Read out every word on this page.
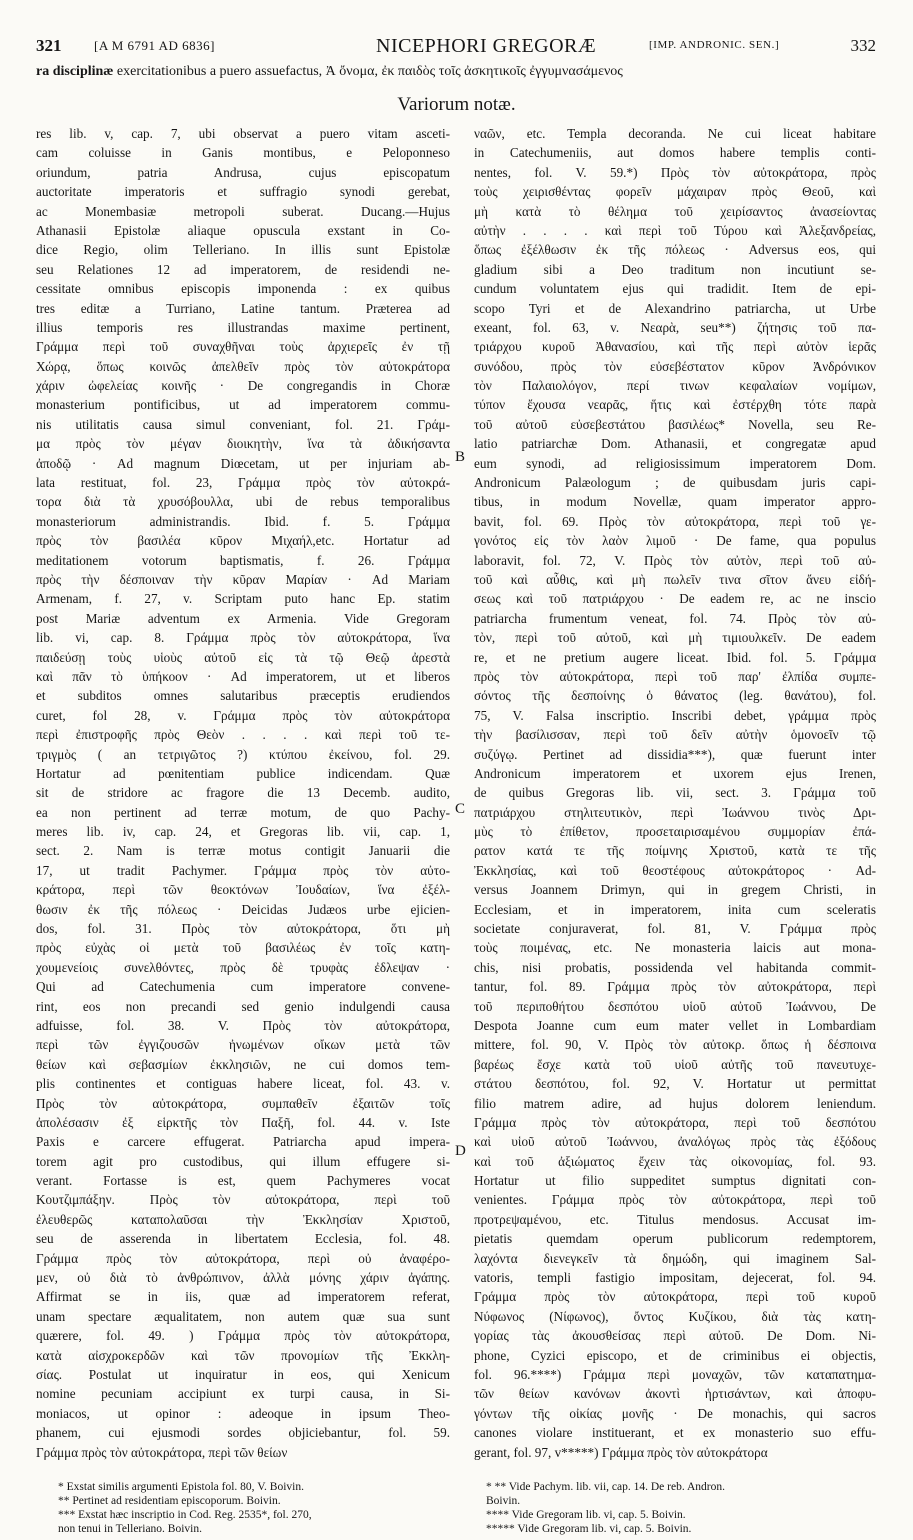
321	[A M 6791 AD 6836]	NICEPHORI GREGORÆ	[IMP. ANDRONIC. SEN.]	332
ra disciplinæ exercitationibus a puero assuefactus, Ἀ ὄνομα, ἐκ παιδὸς τοῖς ἀσκητικοῖς ἐγγυμνασάμενος
Variorum notæ.
res lib. v, cap. 7, ubi observat a puero vitam asceti-
cam coluisse in Ganis montibus, e Peloponneso
oriundum, patria Andrusa, cujus episcopatum
auctoritate imperatoris et suffragio synodi gerebat,
ac Monembasiæ metropoli suberat. Ducang.—Hujus
Athanasii Epistolæ aliaque opuscula exstant in Co-
dice Regio, olim Telleriano. In illis sunt Epistolæ
seu Relationes 12 ad imperatorem, de residendi ne-
cessitate omnibus episcopis imponenda : ex quibus
tres editæ a Turriano, Latine tantum. Præterea ad
illius temporis res illustrandas maxime pertinent,
Γράμμα περὶ τοῦ συναχθῆναι τοὺς ἀρχιερεῖς ἐν τῇ
Χώρᾳ, ὅπως κοινῶς ἀπελθεῖν πρὸς τὸν αὐτοκράτορα
χάριν ὠφελείας κοινῆς · De congregandis in Choræ
monasterium pontificibus, ut ad imperatorem commu-
nis utilitatis causa simul conveniant, fol. 21. Γράμ-
μα πρὸς τὸν μέγαν διοικητὴν, ἵνα τὰ ἀδικήσαντα
ἀποδῷ · Ad magnum Diœcetam, ut per injuriam ab-
lata restituat, fol. 23, Γράμμα πρὸς τὸν αὐτοκρά-
τορα διὰ τὰ χρυσόβουλλα, ubi de rebus temporalibus
monasteriorum administrandis. Ibid. f. 5. Γράμμα
πρὸς τὸν βασιλέα κῦρον Μιχαήλ,etc. Hortatur ad
meditationem votorum baptismatis, f. 26. Γράμμα
πρὸς τὴν δέσποιναν τὴν κῦραν Μαρίαν · Ad Mariam
Armenam, f. 27, v. Scriptam puto hanc Ep. statim
post Mariæ adventum ex Armenia. Vide Gregoram
lib. vi, cap. 8. Γράμμα πρὸς τὸν αὐτοκράτορα, ἵνα
παιδεύσῃ τοὺς υἱοὺς αὐτοῦ εἰς τὰ τῷ Θεῷ ἀρεστὰ
καὶ πᾶν τὸ ὑπήκοον · Ad imperatorem, ut et liberos
et subditos omnes salutaribus præceptis erudiendos
curet, fol 28, v. Γράμμα πρὸς τὸν αὐτοκράτορα
περὶ ἐπιστροφῆς πρὸς Θεὸν . . . . καὶ περὶ τοῦ τε-
τριγμὸς ( an τετριγῶτος ?) κτύπου ἐκείνου, fol. 29.
Hortatur ad pœnitentiam publice indicendam. Quæ
sit de stridore ac fragore die 13 Decemb. audito,
ea non pertinent ad terræ motum, de quo Pachy-
meres lib. iv, cap. 24, et Gregoras lib. vii, cap. 1,
sect. 2. Nam is terræ motus contigit Januarii die
17, ut tradit Pachymer. Γράμμα πρὸς τὸν αὐτο-
κράτορα, περὶ τῶν θεοκτόνων Ἰουδαίων, ἵνα ἐξέλ-
θωσιν ἐκ τῆς πόλεως · Deicidas Judæos urbe ejicien-
dos, fol. 31. Πρὸς τὸν αὐτοκράτορα, ὅτι μὴ
πρὸς εὐχὰς οἱ μετὰ τοῦ βασιλέως ἐν τοῖς κατη-
χουμενείοις συνελθόντες, πρὸς δὲ τρυφὰς ἐδλεψαν ·
Qui ad Catechumenia cum imperatore convene-
rint, eos non precandi sed genio indulgendi causa
adfuisse, fol. 38. V. Πρὸς τὸν αὐτοκράτορα,
περὶ τῶν ἐγγιζουσῶν ἠνωμένων οἴκων μετὰ τῶν
θείων καὶ σεβασμίων ἐκκλησιῶν, ne cui domos tem-
plis continentes et contiguas habere liceat, fol. 43. v.
Πρὸς τὸν αὐτοκράτορα, συμπαθεῖν ἐξαιτῶν τοῖς
ἀπολέσασιν ἐξ εἱρκτῆς τὸν Παξῆ, fol. 44. v. Iste
Paxis e carcere effugerat. Patriarcha apud impera-
torem agit pro custodibus, qui illum effugere si-
verant. Fortasse is est, quem Pachymeres vocat
Κουτζιμπάξην. Πρὸς τὸν αὐτοκράτορα, περὶ τοῦ
ἐλευθερῶς καταπολαῦσαι τὴν Ἐκκλησίαν Χριστοῦ,
seu de asserenda in libertatem Ecclesia, fol. 48.
Γράμμα πρὸς τὸν αὐτοκράτορα, περὶ οὐ ἀναφέρο-
μεν, οὐ διὰ τὸ ἀνθρώπινον, ἀλλὰ μόνης χάριν ἀγάπης.
Affirmat se in iis, quæ ad imperatorem referat,
unam spectare æqualitatem, non autem quæ sua sunt
quærere, fol. 49. ) Γράμμα πρὸς τὸν αὐτοκράτορα,
κατὰ αἰσχροκερδῶν καὶ τῶν προνομίων τῆς Ἐκκλη-
σίας. Postulat ut inquiratur in eos, qui Xenicum
nomine pecuniam accipiunt ex turpi causa, in Si-
moniacos, ut opinor : adeoque in ipsum Theo-
phanem, cui ejusmodi sordes objiciebantur, fol. 59.
Γράμμα πρὸς τὸν αὐτοκράτορα, περὶ τῶν θείων
ναῶν, etc. Templa decoranda. Ne cui liceat habitare
in Catechumeniis, aut domos habere templis conti-
nentes, fol. V. 59.*) Πρὸς τὸν αὐτοκράτορα, πρὸς
τοὺς χειρισθέντας φορεῖν μάχαιραν πρὸς Θεοῦ, καὶ
μὴ κατὰ τὸ θέλημα τοῦ χειρίσαντος ἀνασείοντας
αὐτὴν . . . . καὶ περὶ τοῦ Τύρου καὶ Ἀλεξανδρείας,
ὅπως ἐξέλθωσιν ἐκ τῆς πόλεως · Adversus eos, qui
gladium sibi a Deo traditum non incutiunt se-
cundum voluntatem ejus qui tradidit. Item de epi-
scopo Tyri et de Alexandrino patriarcha, ut Urbe
exeant, fol. 63, v. Νεαρὰ, seu**) ζήτησις τοῦ πα-
τριάρχου κυροῦ Ἀθανασίου, καὶ τῆς περὶ αὐτὸν ἱερᾶς
συνόδου, πρὸς τὸν εὐσεβέστατον κῦρον Ἀνδρόνικον
τὸν Παλαιολόγον, περί τινων κεφαλαίων νομίμων,
τύπον ἔχουσα νεαρᾶς, ἥτις καὶ ἐστέρχθη τότε παρὰ
τοῦ αὐτοῦ εὐσεβεστάτου βασιλέως* Novella, seu Re-
latio patriarchæ Dom. Athanasii, et congregatæ apud
eum synodi, ad religiosissimum imperatorem Dom.
Andronicum Palæologum ; de quibusdam juris capi-
tibus, in modum Novellæ, quam imperator appro-
bavit, fol. 69. Πρὸς τὸν αὐτοκράτορα, περὶ τοῦ γε-
γονότος εἰς τὸν λαὸν λιμοῦ · De fame, qua populus
laboravit, fol. 72, V. Πρὸς τὸν αὐτὸν, περὶ τοῦ αὐ-
τοῦ καὶ αὖθις, καὶ μὴ πωλεῖν τινα σῖτον ἄνευ εἰδή-
σεως καὶ τοῦ πατριάρχου · De eadem re, ac ne inscio
patriarcha frumentum veneat, fol. 74. Πρὸς τὸν αὐ-
τὸν, περὶ τοῦ αὐτοῦ, καὶ μὴ τιμιουλκεῖν. De eadem
re, et ne pretium augere liceat. Ibid. fol. 5. Γράμμα
πρὸς τὸν αὐτοκράτορα, περὶ τοῦ παρ' ἐλπίδα συμπε-
σόντος τῆς δεσποίνης ὁ θάνατος (leg. θανάτου), fol.
75, V. Falsa inscriptio. Inscribi debet, γράμμα πρὸς
τὴν βασίλισσαν, περὶ τοῦ δεῖν αὐτὴν ὁμονοεῖν τῷ
συζύγῳ. Pertinet ad dissidia***), quæ fuerunt inter
Andronicum imperatorem et uxorem ejus Irenen,
de quibus Gregoras lib. vii, sect. 3. Γράμμα τοῦ
πατριάρχου στηλιτευτικὸν, περὶ Ἰωάννου τινὸς Δρι-
μὺς τὸ ἐπίθετον, προσεταιρισαμένου συμμορίαν ἐπά-
ρατον κατά τε τῆς ποίμνης Χριστοῦ, κατὰ τε τῆς
Ἐκκλησίας, καὶ τοῦ θεοστέφους αὐτοκράτορος · Ad-
versus Joannem Drimyn, qui in gregem Christi, in
Ecclesiam, et in imperatorem, inita cum sceleratis
societate conjuraverat, fol. 81, V. Γράμμα πρὸς
τοὺς ποιμένας, etc. Ne monasteria laicis aut mona-
chis, nisi probatis, possidenda vel habitanda commit-
tantur, fol. 89. Γράμμα πρὸς τὸν αὐτοκράτορα, περὶ
τοῦ περιποθήτου δεσπότου υἱοῦ αὐτοῦ Ἰωάννου, De
Despota Joanne cum eum mater vellet in Lombardiam
mittere, fol. 90, V. Πρὸς τὸν αὐτοκρ. ὅπως ἡ δέσποινα
βαρέως ἔσχε κατὰ τοῦ υἱοῦ αὐτῆς τοῦ πανευτυχε-
στάτου δεσπότου, fol. 92, V. Hortatur ut permittat
filio matrem adire, ad hujus dolorem leniendum.
Γράμμα πρὸς τὸν αὐτοκράτορα, περὶ τοῦ δεσπότου
καὶ υἱοῦ αὐτοῦ Ἰωάννου, ἀναλόγως πρὸς τὰς ἐξόδους
καὶ τοῦ ἀξιώματος ἔχειν τὰς οἰκονομίας, fol. 93.
Hortatur ut filio suppeditet sumptus dignitati con-
venientes. Γράμμα πρὸς τὸν αὐτοκράτορα, περὶ τοῦ
προτρεψαμένου, etc. Titulus mendosus. Accusat im-
pietatis quemdam operum publicorum redemptorem,
λαχόντα διενεγκεῖν τὰ δημώδη, qui imaginem Sal-
vatoris, templi fastigio impositam, dejecerat, fol. 94.
Γράμμα πρὸς τὸν αὐτοκράτορα, περὶ τοῦ κυροῦ
Νύφωνος (Νίφωνος), ὄντος Κυζίκου, διὰ τὰς κατη-
γορίας τὰς ἀκουσθείσας περὶ αὐτοῦ. De Dom. Ni-
phone, Cyzici episcopo, et de criminibus ei objectis,
fol. 96.****) Γράμμα περὶ μοναχῶν, τῶν καταπατημα-
τῶν θείων κανόνων ἀκοντὶ ἡρτισάντων, καὶ ἀποφυ-
γόντων τῆς οἰκίας μονῆς · De monachis, qui sacros
canones violare instituerant, et ex monasterio suo effu-
gerant, fol. 97, v*****) Γράμμα πρὸς τὸν αὐτοκράτορα
B
C
D
* Exstat similis argumenti Epistola fol. 80, V. Boivin.
** Pertinet ad residentiam episcoporum. Boivin.
*** Exstat hæc inscriptio in Cod. Reg. 2535*, fol. 270,
non tenui in Telleriano. Boivin.
* ** Vide Pachym. lib. vii, cap. 14. De reb. Andron.
Boivin.
**** Vide Gregoram lib. vi, cap. 5. Boivin.
***** Vide Gregoram lib. vi, cap. 5. Boivin.
